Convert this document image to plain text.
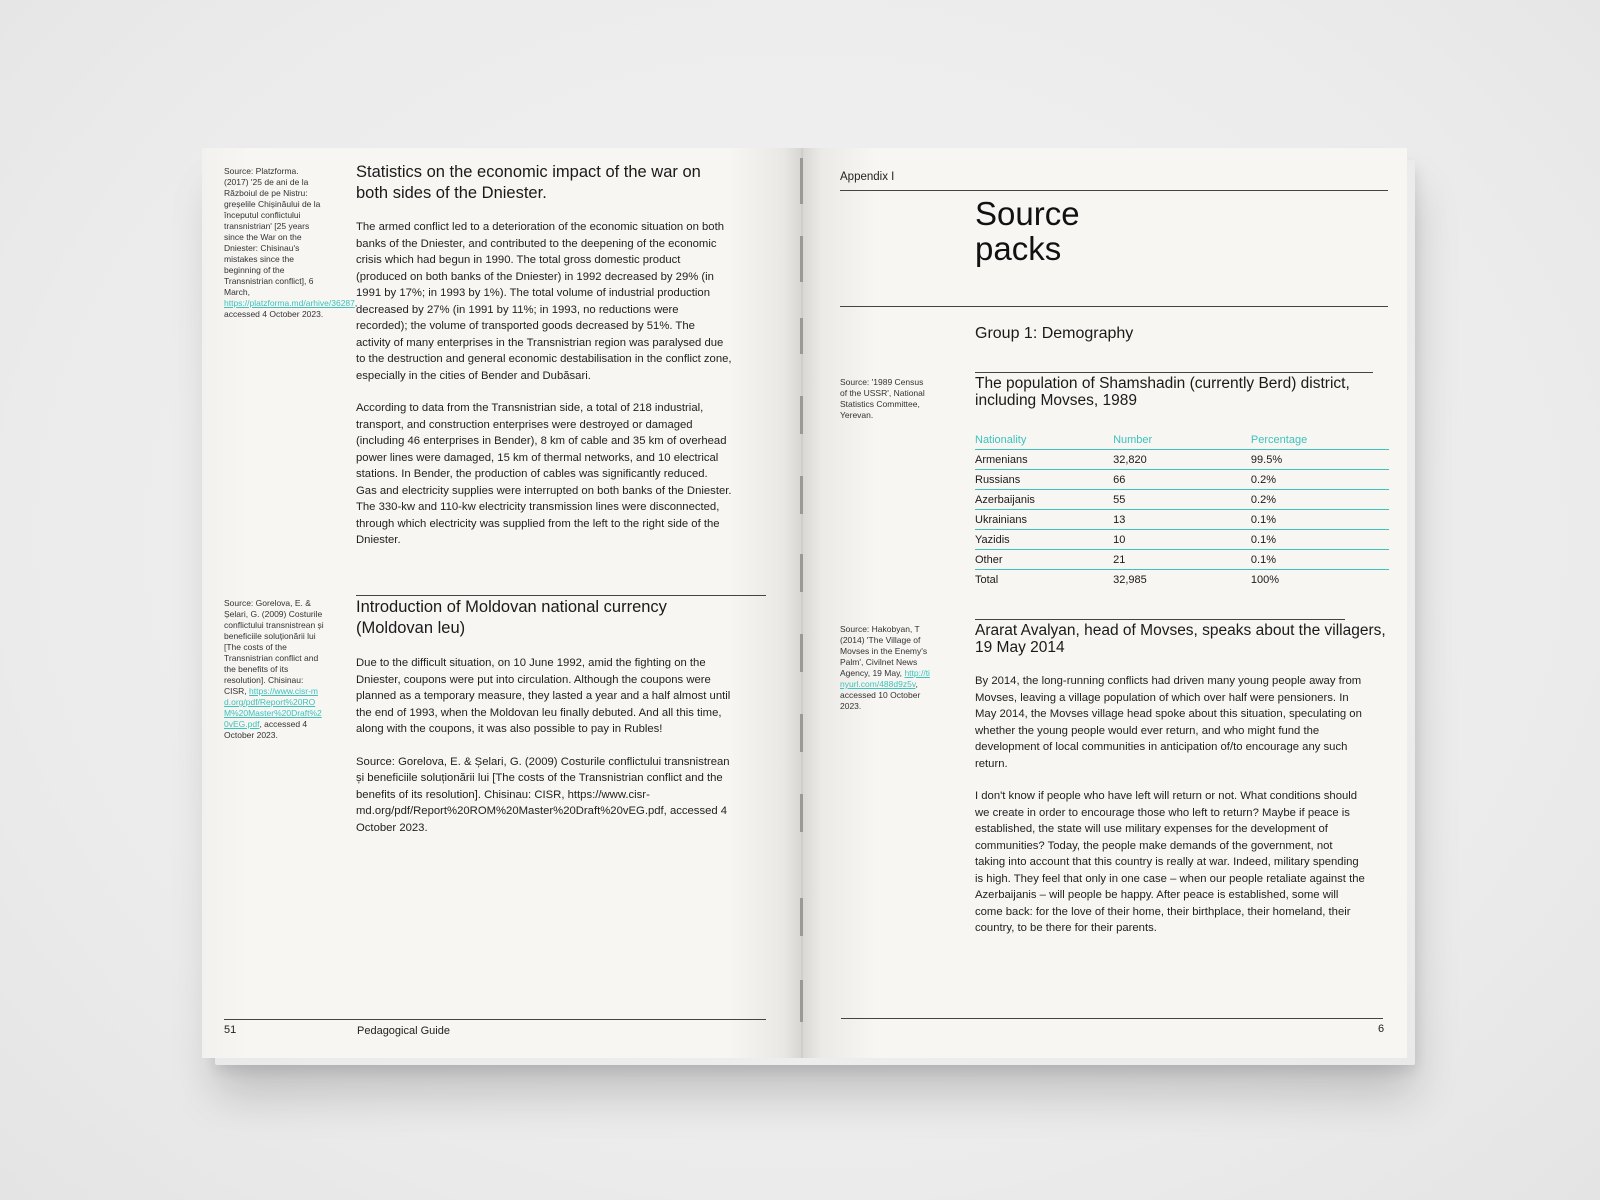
Source: Platzforma. (2017) '25 de ani de la Războiul de pe Nistru: greșelile Chișinăului de la începutul conflictului transnistrian' [25 years since the War on the Dniester: Chisinau's mistakes since the beginning of the Transnistrian conflict], 6 March, https://platzforma.md/arhive/36287, accessed 4 October 2023.
Statistics on the economic impact of the war on both sides of the Dniester.

The armed conflict led to a deterioration of the economic situation on both banks of the Dniester, and contributed to the deepening of the economic crisis which had begun in 1990. The total gross domestic product (produced on both banks of the Dniester) in 1992 decreased by 29% (in 1991 by 17%; in 1993 by 1%). The total volume of industrial production decreased by 27% (in 1991 by 11%; in 1993, no reductions were recorded); the volume of transported goods decreased by 51%. The activity of many enterprises in the Transnistrian region was paralysed due to the destruction and general economic destabilisation in the conflict zone, especially in the cities of Bender and Dubăsari.

According to data from the Transnistrian side, a total of 218 industrial, transport, and construction enterprises were destroyed or damaged (including 46 enterprises in Bender), 8 km of cable and 35 km of overhead power lines were damaged, 15 km of thermal networks, and 10 electrical stations. In Bender, the production of cables was significantly reduced.

Gas and electricity supplies were interrupted on both banks of the Dniester. The 330-kw and 110-kw electricity transmission lines were disconnected, through which electricity was supplied from the left to the right side of the Dniester.

Source: Gorelova, E. & Șelari, G. (2009) Costurile conflictului transnistrean și beneficiile soluționării lui [The costs of the Transnistrian conflict and the benefits of its resolution]. Chisinau: CISR, https://www.cisr-md.org/pdf/Report%20ROM%20Master%20Draft%20vEG.pdf, accessed 4 October 2023.
Introduction of Moldovan national currency (Moldovan leu)

Due to the difficult situation, on 10 June 1992, amid the fighting on the Dniester, coupons were put into circulation. Although the coupons were planned as a temporary measure, they lasted a year and a half almost until the end of 1993, when the Moldovan leu finally debuted. And all this time, along with the coupons, it was also possible to pay in Rubles!

Source: Gorelova, E. & Șelari, G. (2009) Costurile conflictului transnistrean și beneficiile soluționării lui [The costs of the Transnistrian conflict and the benefits of its resolution]. Chisinau: CISR, https://www.cisr-md.org/pdf/Report%20ROM%20Master%20Draft%20vEG.pdf, accessed 4 October 2023.

51	Pedagogical Guide
Appendix I
Source
packs
Group 1: Demography
Source: '1989 Census of the USSR', National Statistics Committee, Yerevan.
The population of Shamshadin (currently Berd) district, including Movses, 1989
Nationality	Number	Percentage
Armenians	32,820	99.5%
Russians	66	0.2%
Azerbaijanis	55	0.2%
Ukrainians	13	0.1%
Yazidis	10	0.1%
Other	21	0.1%
Total	32,985	100%
Source: Hakobyan, T (2014) 'The Village of Movses in the Enemy's Palm', Civilnet News Agency, 19 May, http://tinyurl.com/488d9z5v, accessed 10 October 2023.
Ararat Avalyan, head of Movses, speaks about the villagers, 19 May 2014

By 2014, the long-running conflicts had driven many young people away from Movses, leaving a village population of which over half were pensioners. In May 2014, the Movses village head spoke about this situation, speculating on whether the young people would ever return, and who might fund the development of local communities in anticipation of/to encourage any such return.

I don't know if people who have left will return or not. What conditions should we create in order to encourage those who left to return? Maybe if peace is established, the state will use military expenses for the development of communities? Today, the people make demands of the government, not taking into account that this country is really at war. Indeed, military spending is high. They feel that only in one case – when our people retaliate against the Azerbaijanis – will people be happy. After peace is established, some will come back: for the love of their home, their birthplace, their homeland, their country, to be there for their parents.

6
